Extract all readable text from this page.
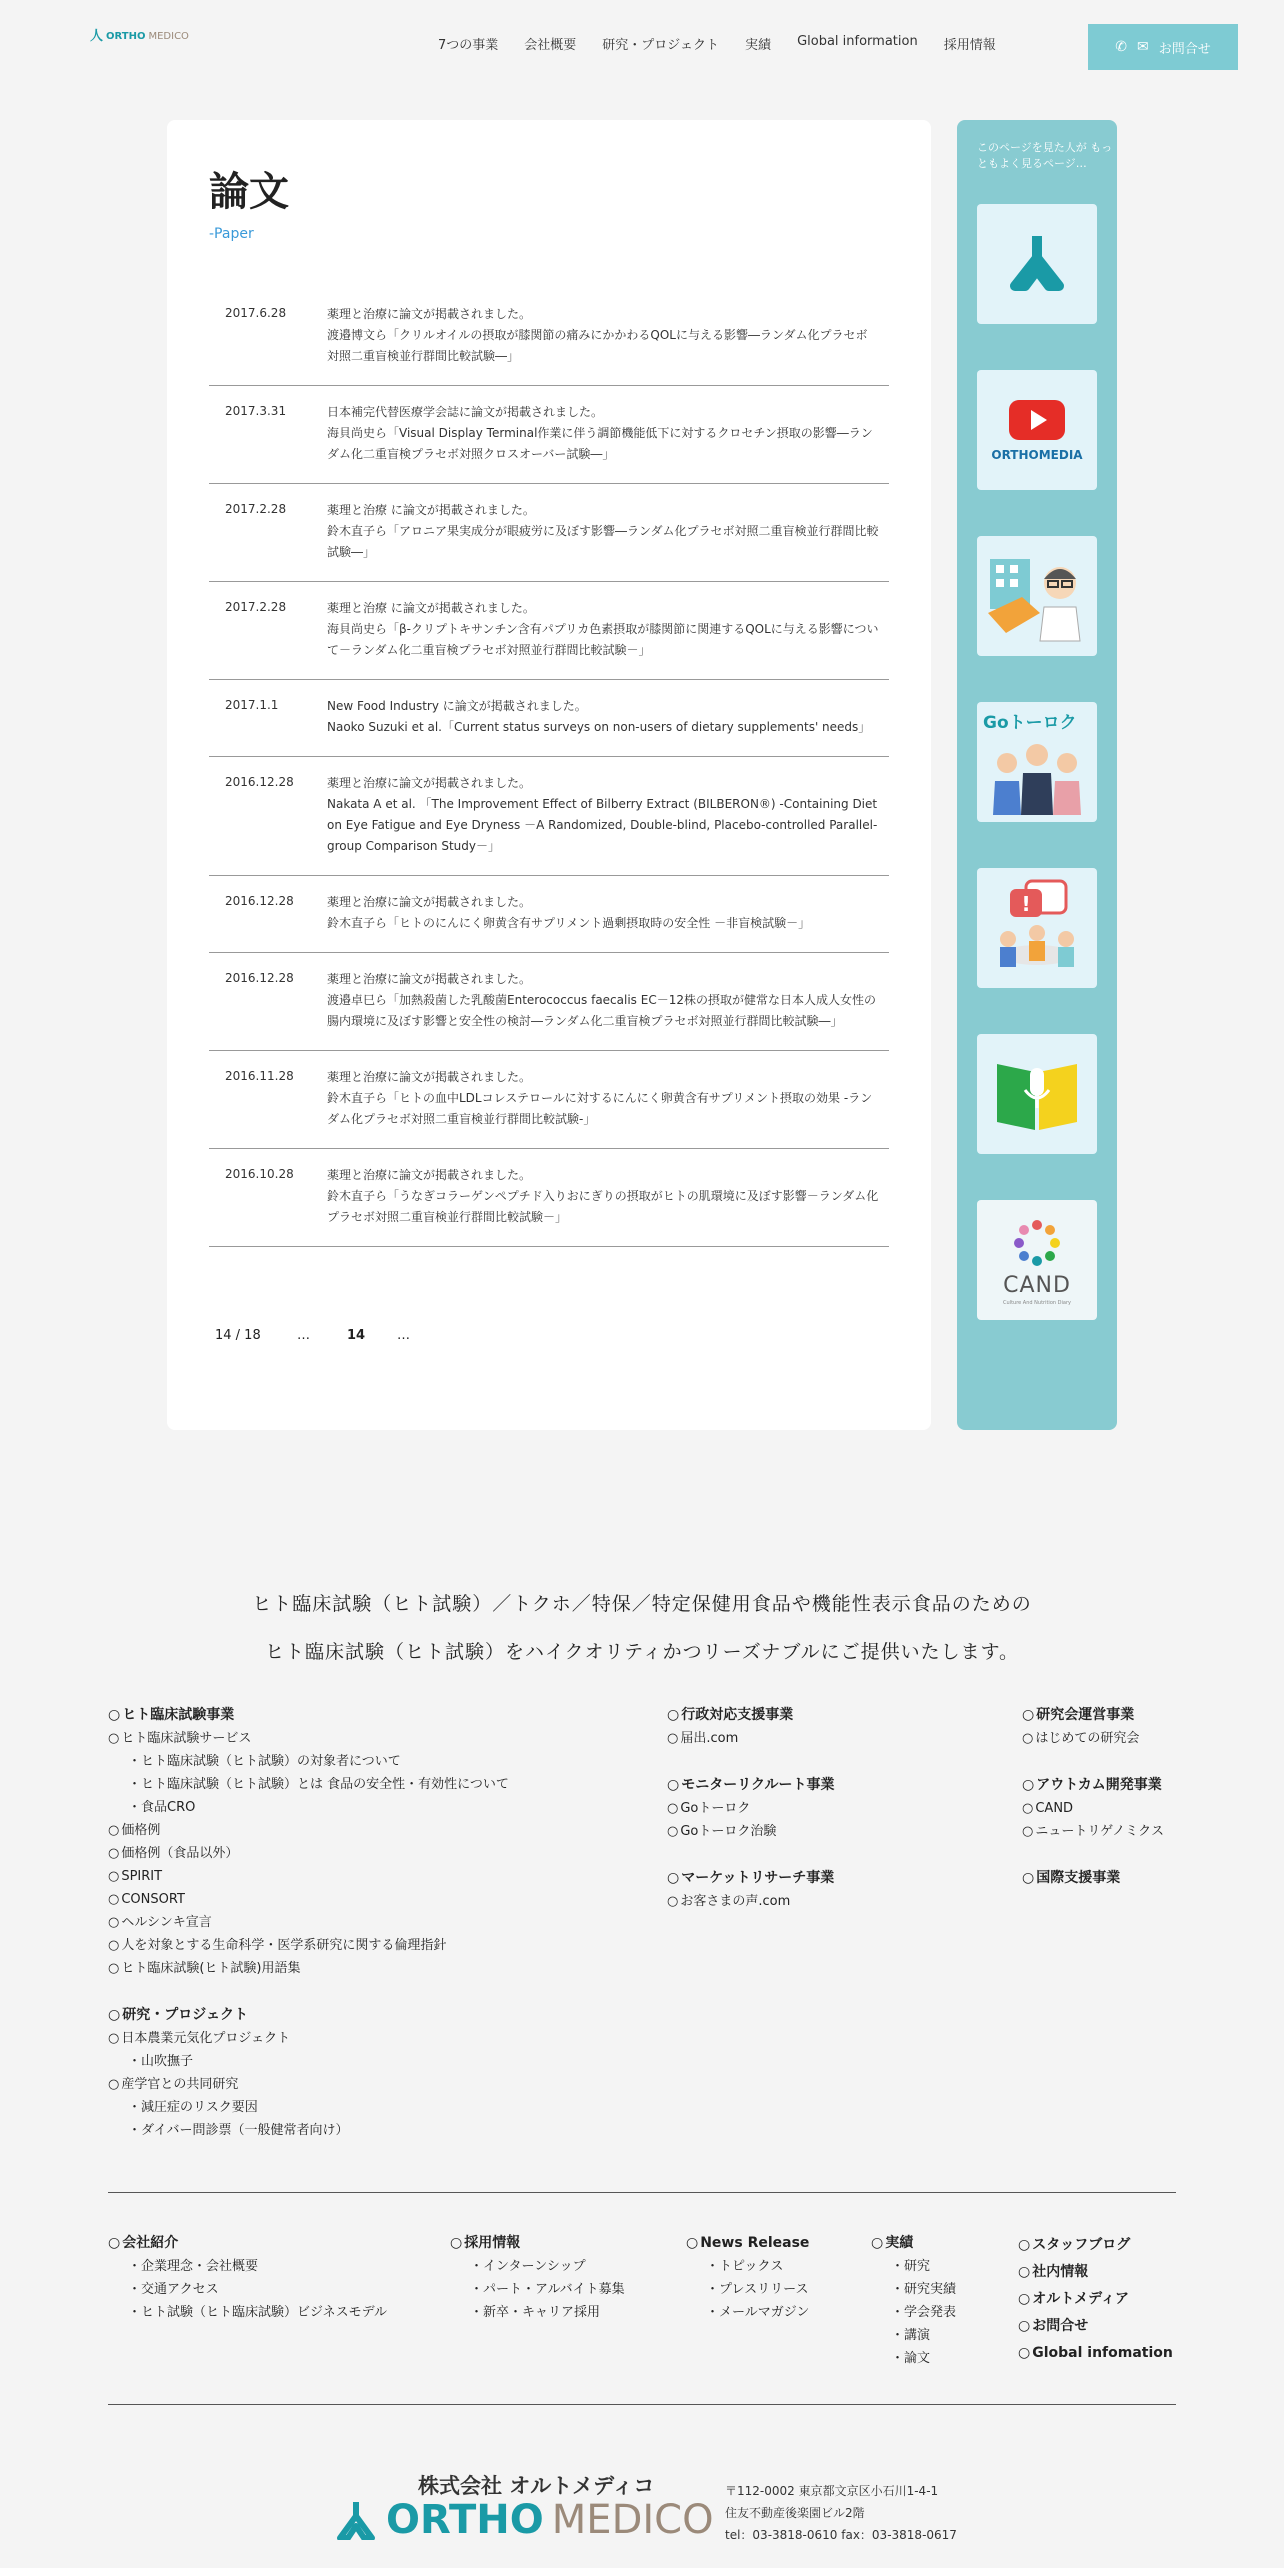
人 ORTHO MEDICO
7つの事業 会社概要 研究・プロジェクト 実績 Global information 採用情報	✆ ✉ お問合せ
論文
-Paper
2017.6.28	薬理と治療に論文が掲載されました。
渡邉博文ら「クリルオイルの摂取が膝関節の痛みにかかわるQOLに与える影響―ランダム化プラセボ対照二重盲検並行群間比較試験―」
2017.3.31	日本補完代替医療学会誌に論文が掲載されました。
海貝尚史ら「Visual Display Terminal作業に伴う調節機能低下に対するクロセチン摂取の影響―ランダム化二重盲検プラセボ対照クロスオーバー試験―」
2017.2.28	薬理と治療 に論文が掲載されました。
鈴木直子ら「アロニア果実成分が眼疲労に及ぼす影響―ランダム化プラセボ対照二重盲検並行群間比較試験―」
2017.2.28	薬理と治療 に論文が掲載されました。
海貝尚史ら「β-クリプトキサンチン含有パプリカ色素摂取が膝関節に関連するQOLに与える影響について－ランダム化二重盲検プラセボ対照並行群間比較試験－」
2017.1.1	New Food Industry に論文が掲載されました。
Naoko Suzuki et al.「Current status surveys on non-users of dietary supplements' needs」
2016.12.28	薬理と治療に論文が掲載されました。
Nakata A et al. 「The Improvement Effect of Bilberry Extract (BILBERON®) -Containing Diet on Eye Fatigue and Eye Dryness －A Randomized, Double-blind, Placebo-controlled Parallel-group Comparison Study－」
2016.12.28	薬理と治療に論文が掲載されました。
鈴木直子ら「ヒトのにんにく卵黄含有サプリメント過剰摂取時の安全性 －非盲検試験－」
2016.12.28	薬理と治療に論文が掲載されました。
渡邉卓巳ら「加熱殺菌した乳酸菌Enterococcus faecalis EC－12株の摂取が健常な日本人成人女性の腸内環境に及ぼす影響と安全性の検討―ランダム化二重盲検プラセボ対照並行群間比較試験―」
2016.11.28	薬理と治療に論文が掲載されました。
鈴木直子ら「ヒトの血中LDLコレステロールに対するにんにく卵黄含有サプリメント摂取の効果 -ランダム化プラセボ対照二重盲検並行群間比較試験-」
2016.10.28	薬理と治療に論文が掲載されました。
鈴木直子ら「うなぎコラーゲンペプチド入りおにぎりの摂取がヒトの肌環境に及ぼす影響－ランダム化プラセボ対照二重盲検並行群間比較試験－」
14 / 18	…	14	…
このページを見た人が もっともよく見るページ…
ORTHOMEDIA
Goトーロク
!
CAND
Culture And Nutrition Diary
ヒト臨床試験（ヒト試験）／トクホ／特保／特定保健用食品や機能性表示食品のための
ヒト臨床試験（ヒト試験）をハイクオリティかつリーズナブルにご提供いたします。
○ ヒト臨床試験事業
○ ヒト臨床試験サービス
・ ヒト臨床試験（ヒト試験）の対象者について
・ ヒト臨床試験（ヒト試験）とは 食品の安全性・有効性について
・ 食品CRO
○ 価格例
○ 価格例（食品以外）
○ SPIRIT
○ CONSORT
○ ヘルシンキ宣言
○ 人を対象とする生命科学・医学系研究に関する倫理指針
○ ヒト臨床試験(ヒト試験)用語集
○ 研究・プロジェクト
○ 日本農業元気化プロジェクト
・ 山吹撫子
○ 産学官との共同研究
・ 減圧症のリスク要因
・ ダイバー問診票（一般健常者向け）
○ 行政対応支援事業
○ 届出.com
○ モニターリクルート事業
○ Goトーロク
○ Goトーロク治験
○ マーケットリサーチ事業
○ お客さまの声.com
○ 研究会運営事業
○ はじめての研究会
○ アウトカム開発事業
○ CAND
○ ニュートリゲノミクス
○ 国際支援事業
○ 会社紹介
・ 企業理念・会社概要
・ 交通アクセス
・ ヒト試験（ヒト臨床試験）ビジネスモデル
○ 採用情報
・ インターンシップ
・ パート・アルバイト募集
・ 新卒・キャリア採用
○ News Release
・ トピックス
・ プレスリリース
・ メールマガジン
○ 実績
・ 研究
・ 研究実績
・ 学会発表
・ 講演
・ 論文
○ スタッフブログ
○ 社内情報
○ オルトメディア
○ お問合せ
○ Global infomation
株式会社 オルトメディコ
ORTHO MEDICO
〒112-0002 東京都文京区小石川1-4-1
住友不動産後楽園ビル2階
tel：03-3818-0610 fax：03-3818-0617
